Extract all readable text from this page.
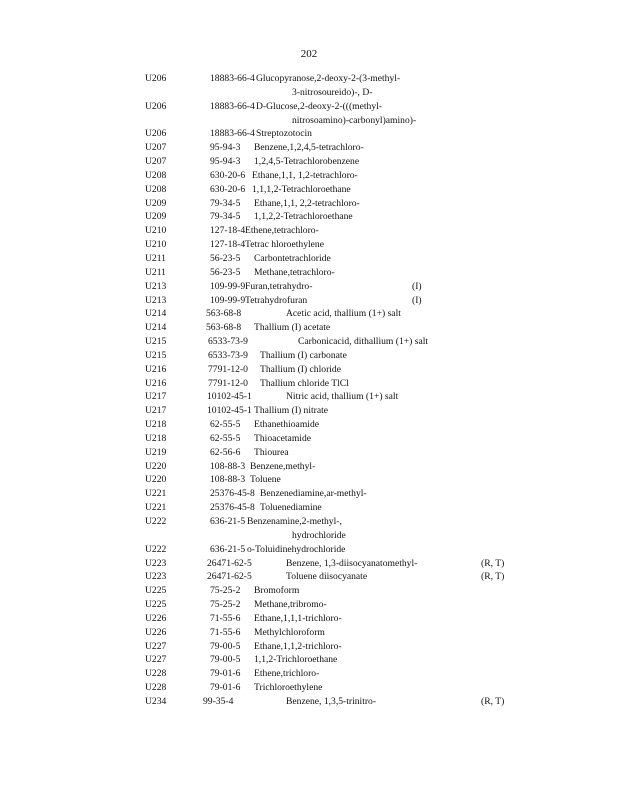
202
U206	18883-66-4 Glucopyranose,2-deoxy-2-(3-methyl-
3-nitrosoureido)-, D-
U206	18883-66-4 D-Glucose,2-deoxy-2-(((methyl-
nitrosoamino)-carbonyl)amino)-
U206	18883-66-4 Streptozotocin
U207	95-94-3 Benzene,1,2,4,5-tetrachloro-
U207	95-94-3 1,2,4,5-Tetrachlorobenzene
U208	630-20-6 Ethane,1,1, 1,2-tetrachloro-
U208	630-20-6 1,1,1,2-Tetrachloroethane
U209	79-34-5 Ethane,1,1, 2,2-tetrachloro-
U209	79-34-5 1,1,2,2-Tetrachloroethane
U210	127-18-4 Ethene,tetrachloro-
U210	127-18-4 Tetrac hloroethylene
U211	56-23-5 Carbontetrachloride
U211	56-23-5 Methane,tetrachloro-
U213	109-99-9 Furan,tetrahydro-	(I)
U213	109-99-9 Tetrahydrofuran	(I)
U214	563-68-8	Acetic acid, thallium (1+) salt
U214	563-68-8 Thallium (I) acetate
U215	6533-73-9	Carbonicacid, dithallium (1+) salt
U215	6533-73-9 Thallium (I) carbonate
U216	7791-12-0 Thallium (I) chloride
U216	7791-12-0 Thallium chloride TlCl
U217	10102-45-1	Nitric acid, thallium (1+) salt
U217	10102-45-1 Thallium (I) nitrate
U218	62-55-5 Ethanethioamide
U218	62-55-5 Thioacetamide
U219	62-56-6 Thiourea
U220	108-88-3 Benzene,methyl-
U220	108-88-3 Toluene
U221	25376-45-8 Benzenediamine,ar-methyl-
U221	25376-45-8 Toluenediamine
U222	636-21-5 Benzenamine,2-methyl-,
hydrochloride
U222	636-21-5 o-Toluidinehydrochloride
U223	26471-62-5	Benzene, 1,3-diisocyanatomethyl-	(R, T)
U223	26471-62-5	Toluene diisocyanate	(R, T)
U225	75-25-2 Bromoform
U225	75-25-2 Methane,tribromo-
U226	71-55-6 Ethane,1,1,1-trichloro-
U226	71-55-6 Methylchloroform
U227	79-00-5 Ethane,1,1,2-trichloro-
U227	79-00-5 1,1,2-Trichloroethane
U228	79-01-6 Ethene,trichloro-
U228	79-01-6 Trichloroethylene
U234	99-35-4	Benzene, 1,3,5-trinitro-	(R, T)
